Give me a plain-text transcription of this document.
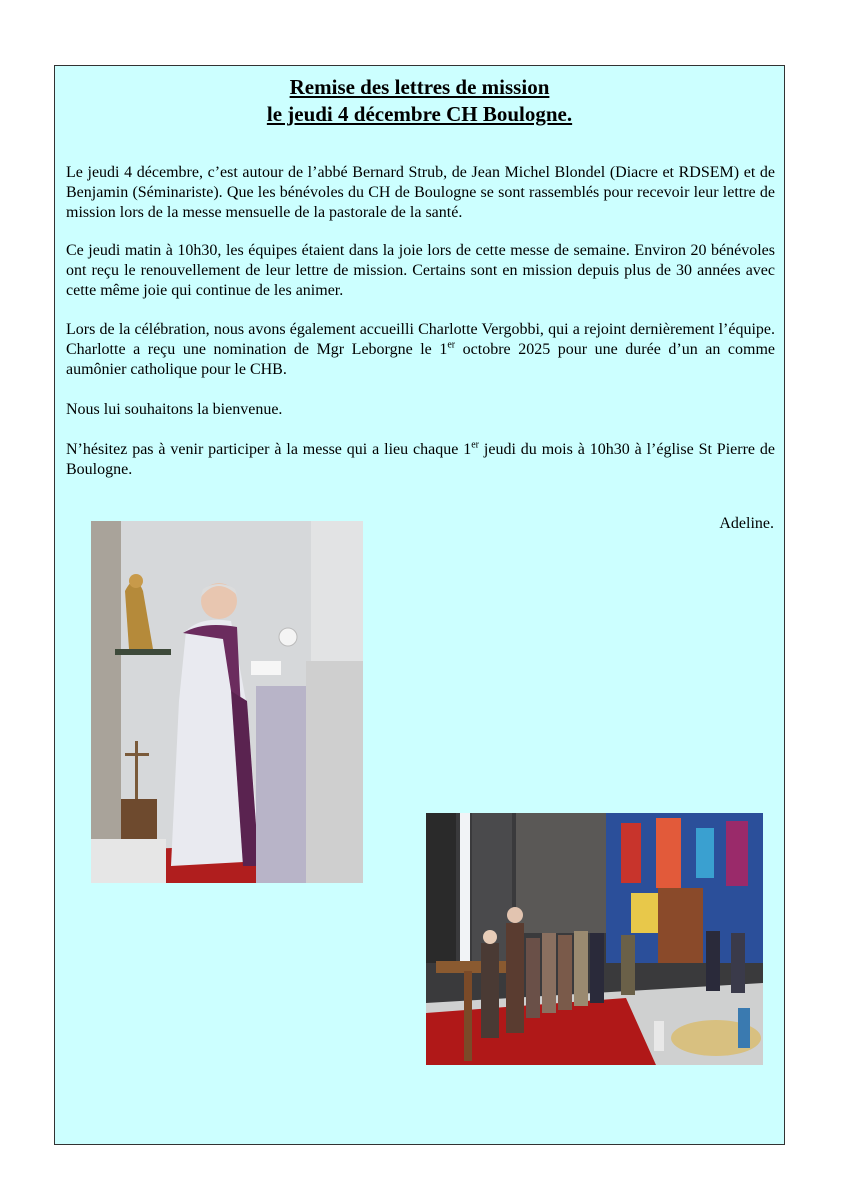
Remise des lettres de mission
le jeudi 4 décembre CH Boulogne.

Le jeudi 4 décembre, c’est autour de l’abbé Bernard Strub, de Jean Michel Blondel (Diacre et RDSEM) et de Benjamin (Séminariste). Que les bénévoles du CH de Boulogne se sont rassemblés pour recevoir leur lettre de mission lors de la messe mensuelle de la pastorale de la santé.

Ce jeudi matin à 10h30, les équipes étaient dans la joie lors de cette messe de semaine. Environ 20 bénévoles ont reçu le renouvellement de leur lettre de mission. Certains sont en mission depuis plus de 30 années avec cette même joie qui continue de les animer.

Lors de la célébration, nous avons également accueilli Charlotte Vergobbi, qui a rejoint dernièrement l’équipe. Charlotte a reçu une nomination de Mgr Leborgne le 1er octobre 2025 pour une durée d’un an comme aumônier catholique pour le CHB.

Nous lui souhaitons la bienvenue.

N’hésitez pas à venir participer à la messe qui a lieu chaque 1er jeudi du mois à 10h30 à l’église St Pierre de Boulogne.

Adeline.
